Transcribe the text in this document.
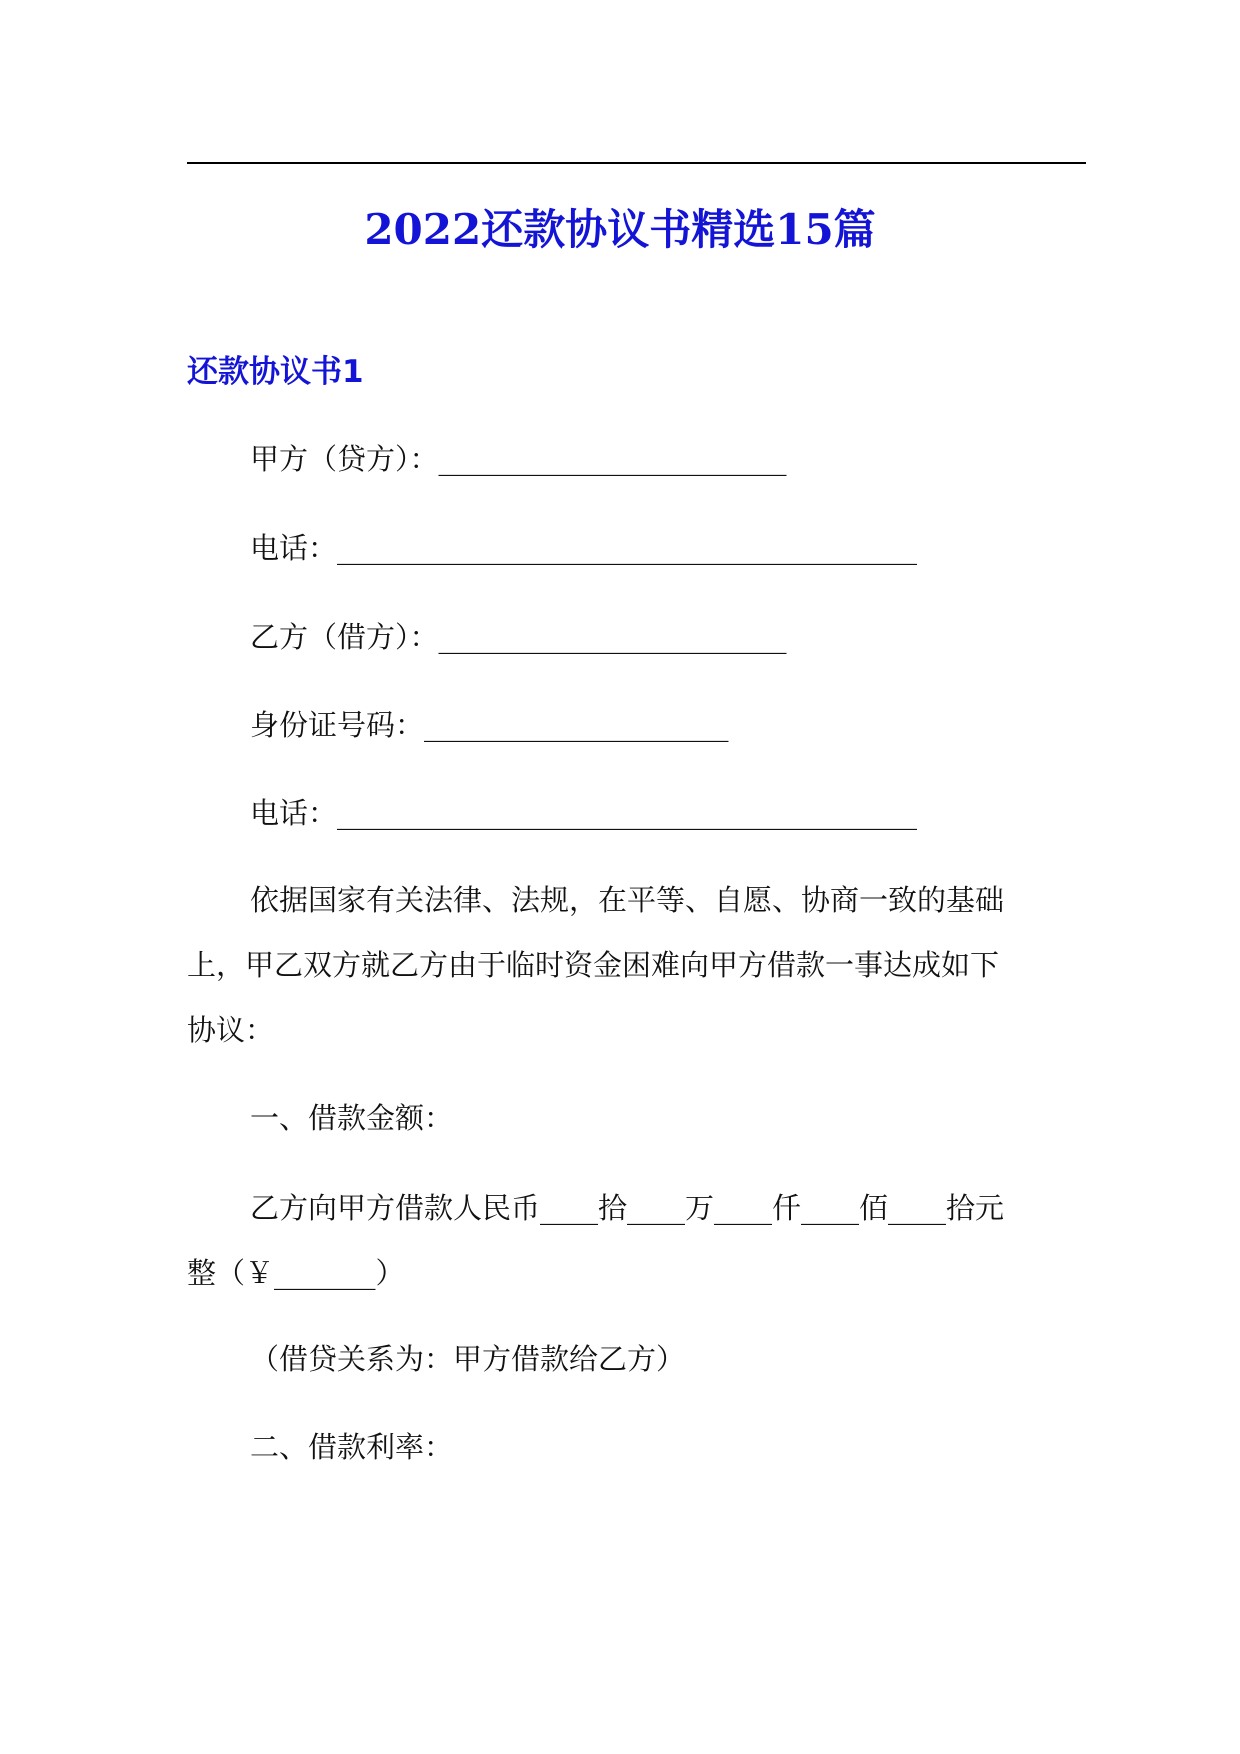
2022还款协议书精选15篇
还款协议书1
甲方（贷方）：________________________
电话：________________________________________
乙方（借方）：________________________
身份证号码：_____________________
电话：________________________________________
依据国家有关法律、法规，在平等、自愿、协商一致的基础上，甲乙双方就乙方由于临时资金困难向甲方借款一事达成如下协议：
一、借款金额：
乙方向甲方借款人民币____拾____万____仟____佰____拾元整（￥_______）
（借贷关系为：甲方借款给乙方）
二、借款利率：
